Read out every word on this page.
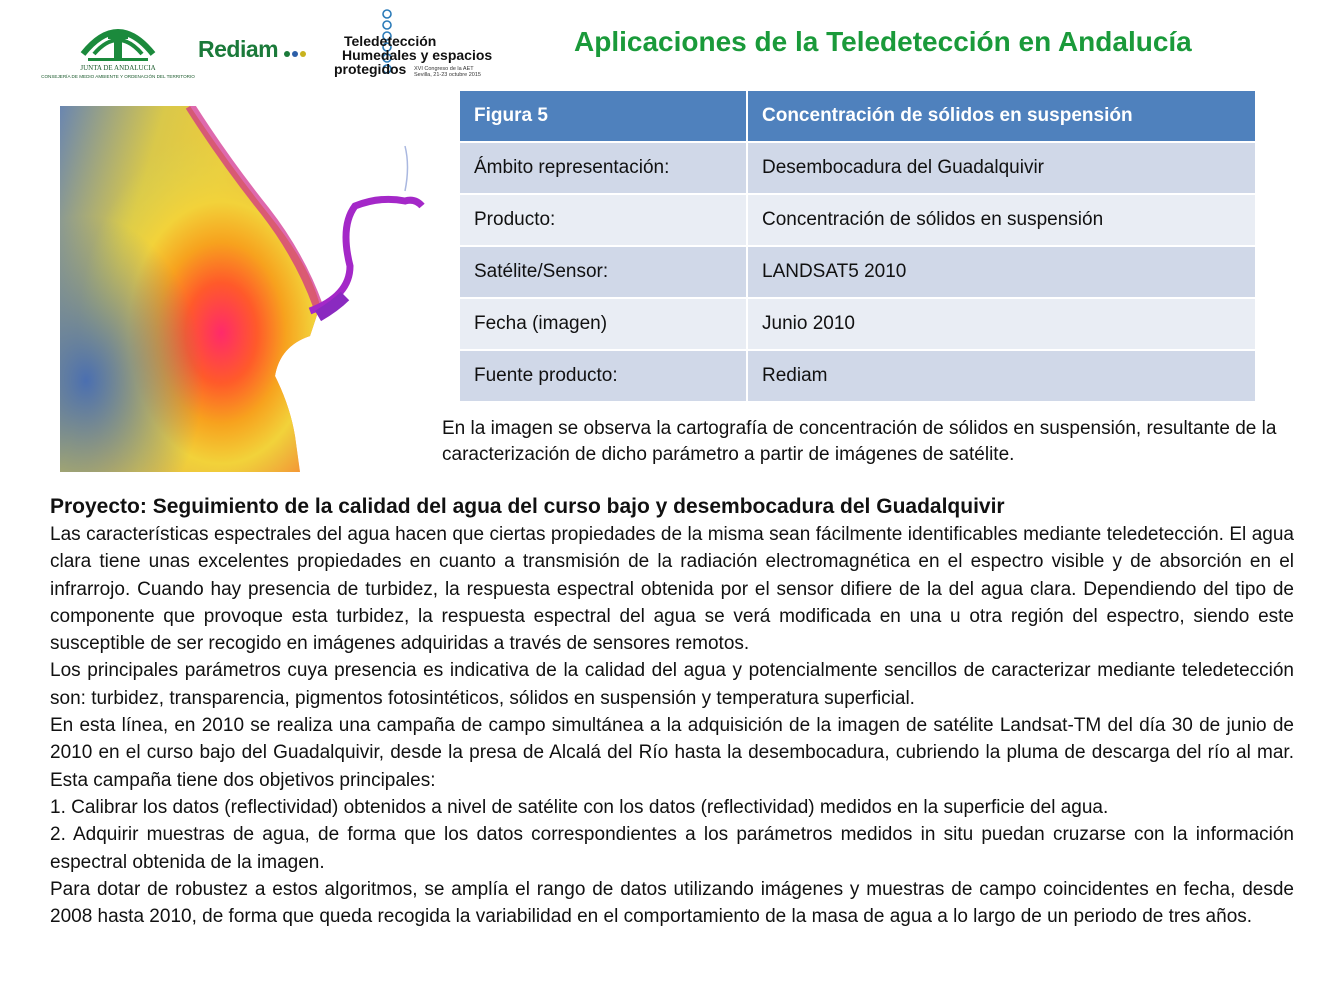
JUNTA DE ANDALUCIA
CONSEJERÍA DE MEDIO AMBIENTE Y ORDENACIÓN DEL TERRITORIO
Rediam	Teledetección
Humedales y espacios
protegidos XVI Congreso de la AET
Sevilla, 21-23 octubre 2015
Aplicaciones de la Teledetección en Andalucía
Figura 5	Concentración de sólidos en suspensión
Ámbito representación:	Desembocadura del Guadalquivir
Producto:	Concentración de sólidos en suspensión
Satélite/Sensor:	LANDSAT5 2010
Fecha (imagen)	Junio 2010
Fuente producto:	Rediam
En la imagen se observa la cartografía de concentración de sólidos en suspensión, resultante de la caracterización de dicho parámetro a partir de imágenes de satélite.
Proyecto: Seguimiento de la calidad del agua del curso bajo y desembocadura del Guadalquivir

Las características espectrales del agua hacen que ciertas propiedades de la misma sean fácilmente identificables mediante teledetección. El agua clara tiene unas excelentes propiedades en cuanto a transmisión de la radiación electromagnética en el espectro visible y de absorción en el infrarrojo. Cuando hay presencia de turbidez, la respuesta espectral obtenida por el sensor difiere de la del agua clara. Dependiendo del tipo de componente que provoque esta turbidez, la respuesta espectral del agua se verá modificada en una u otra región del espectro, siendo este susceptible de ser recogido en imágenes adquiridas a través de sensores remotos.

Los principales parámetros cuya presencia es indicativa de la calidad del agua y potencialmente sencillos de caracterizar mediante teledetección son: turbidez, transparencia, pigmentos fotosintéticos, sólidos en suspensión y temperatura superficial.

En esta línea, en 2010 se realiza una campaña de campo simultánea a la adquisición de la imagen de satélite Landsat-TM del día 30 de junio de 2010 en el curso bajo del Guadalquivir, desde la presa de Alcalá del Río hasta la desembocadura, cubriendo la pluma de descarga del río al mar. Esta campaña tiene dos objetivos principales:

1. Calibrar los datos (reflectividad) obtenidos a nivel de satélite con los datos (reflectividad) medidos en la superficie del agua.

2. Adquirir muestras de agua, de forma que los datos correspondientes a los parámetros medidos in situ puedan cruzarse con la información espectral obtenida de la imagen.

Para dotar de robustez a estos algoritmos, se amplía el rango de datos utilizando imágenes y muestras de campo coincidentes en fecha, desde 2008 hasta 2010, de forma que queda recogida la variabilidad en el comportamiento de la masa de agua a lo largo de un periodo de tres años.
